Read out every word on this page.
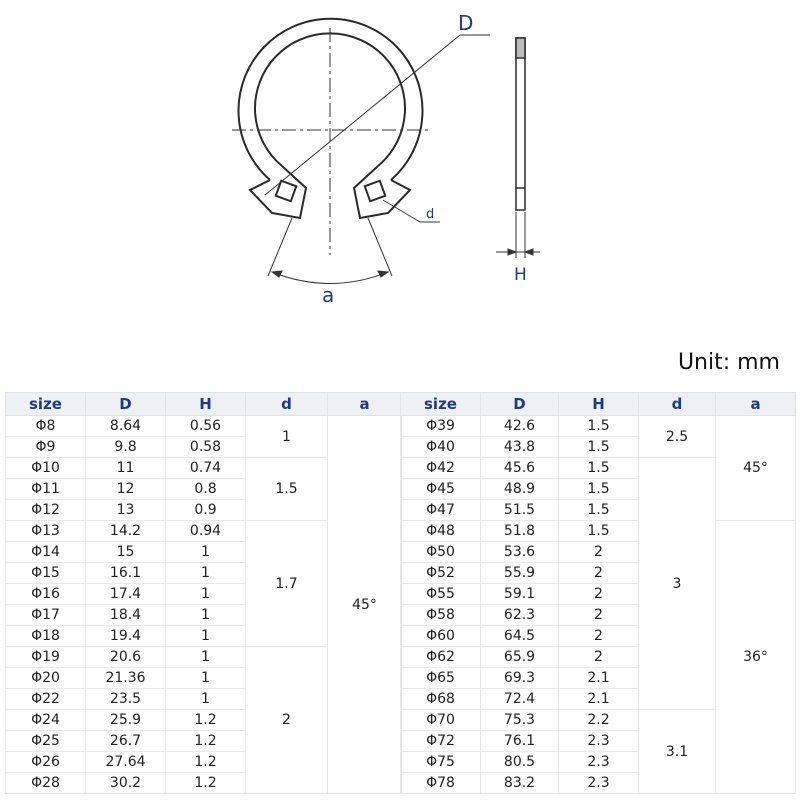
D
d
a
H
Unit: mm
size	D	H	d	a
Φ8	8.64	0.56	1	45°
Φ9	9.8	0.58		
Φ10	11	0.74	1.5	
Φ11	12	0.8		
Φ12	13	0.9		
Φ13	14.2	0.94	1.7	
Φ14	15	1		
Φ15	16.1	1		
Φ16	17.4	1		
Φ17	18.4	1		
Φ18	19.4	1		
Φ19	20.6	1	2	
Φ20	21.36	1		
Φ22	23.5	1		
Φ24	25.9	1.2		
Φ25	26.7	1.2		
Φ26	27.64	1.2		
Φ28	30.2	1.2		
size	D	H	d	a
Φ39	42.6	1.5	2.5	45°
Φ40	43.8	1.5		
Φ42	45.6	1.5	3	
Φ45	48.9	1.5		
Φ47	51.5	1.5		
Φ48	51.8	1.5		36°
Φ50	53.6	2		
Φ52	55.9	2		
Φ55	59.1	2		
Φ58	62.3	2		
Φ60	64.5	2		
Φ62	65.9	2		
Φ65	69.3	2.1		
Φ68	72.4	2.1		
Φ70	75.3	2.2	3.1	
Φ72	76.1	2.3		
Φ75	80.5	2.3		
Φ78	83.2	2.3		
